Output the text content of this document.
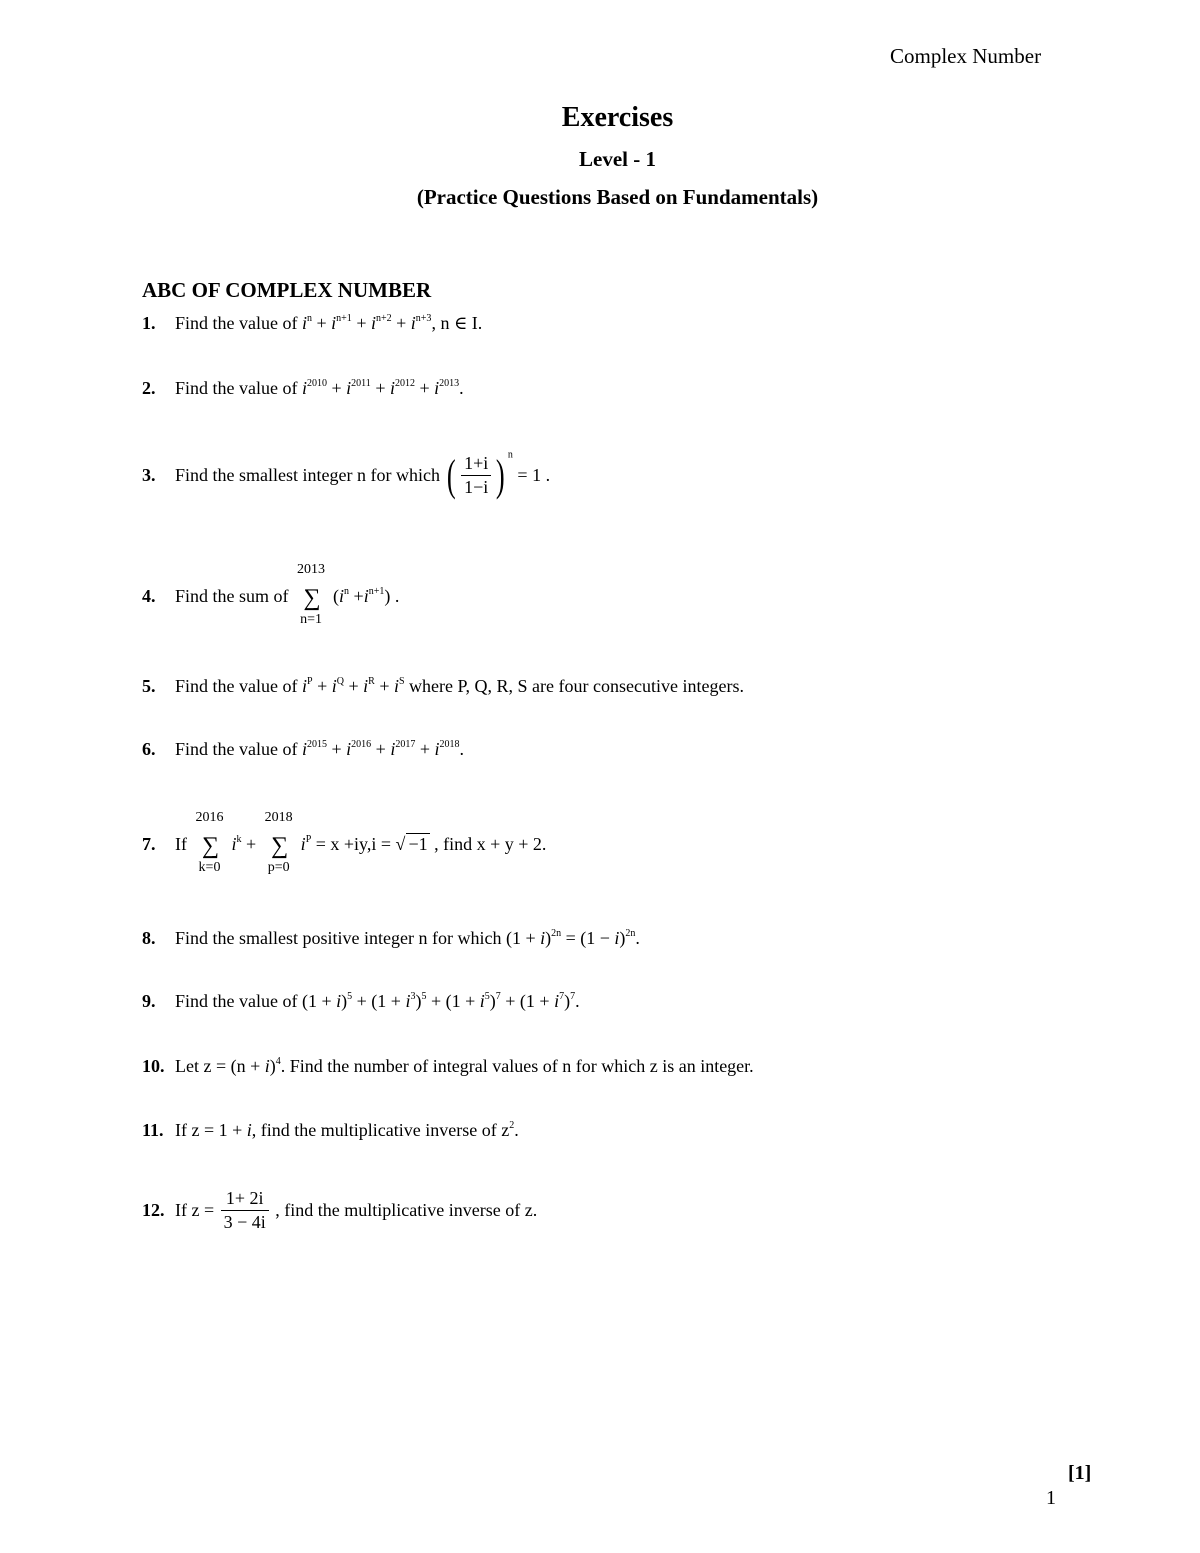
Complex Number
Exercises
Level - 1
(Practice Questions Based on Fundamentals)
ABC OF COMPLEX NUMBER
1. Find the value of $i^n + i^{n+1} + i^{n+2} + i^{n+3}$, n ∈ I.
2. Find the value of $i^{2010} + i^{2011} + i^{2012} + i^{2013}$.
3. Find the smallest integer n for which ( $\frac{1+i}{1-i}$ ) $^n$ = 1 .
4. Find the sum of
2013
∑
n=1
$(i^n +i^{n+1})$ .
5. Find the value of $i^P + i^Q + i^R + i^S$ where P, Q, R, S are four consecutive integers.
6. Find the value of $i^{2015} + i^{2016} + i^{2017} + i^{2018}$.
7. If
2016
∑
k=0
$i^k$ +
2018
∑
p=0
$i^P = x +iy,i$ = √ −1 , find x + y + 2.
8. Find the smallest positive integer n for which $(1 + i)^{2n} = (1 - i)^{2n}$.
9. Find the value of $(1 + i)^5 + (1 + i^3)^5 + (1 + i^5)^7 + (1 + i^7)^7$.
10. Let $z = (n + i)^4$. Find the number of integral values of n for which z is an integer.
11. If z = 1 + i, find the multiplicative inverse of $z^2$.
12. If $z = \frac{1+ 2i}{3 - 4i}$ , find the multiplicative inverse of z.
[1]
1
